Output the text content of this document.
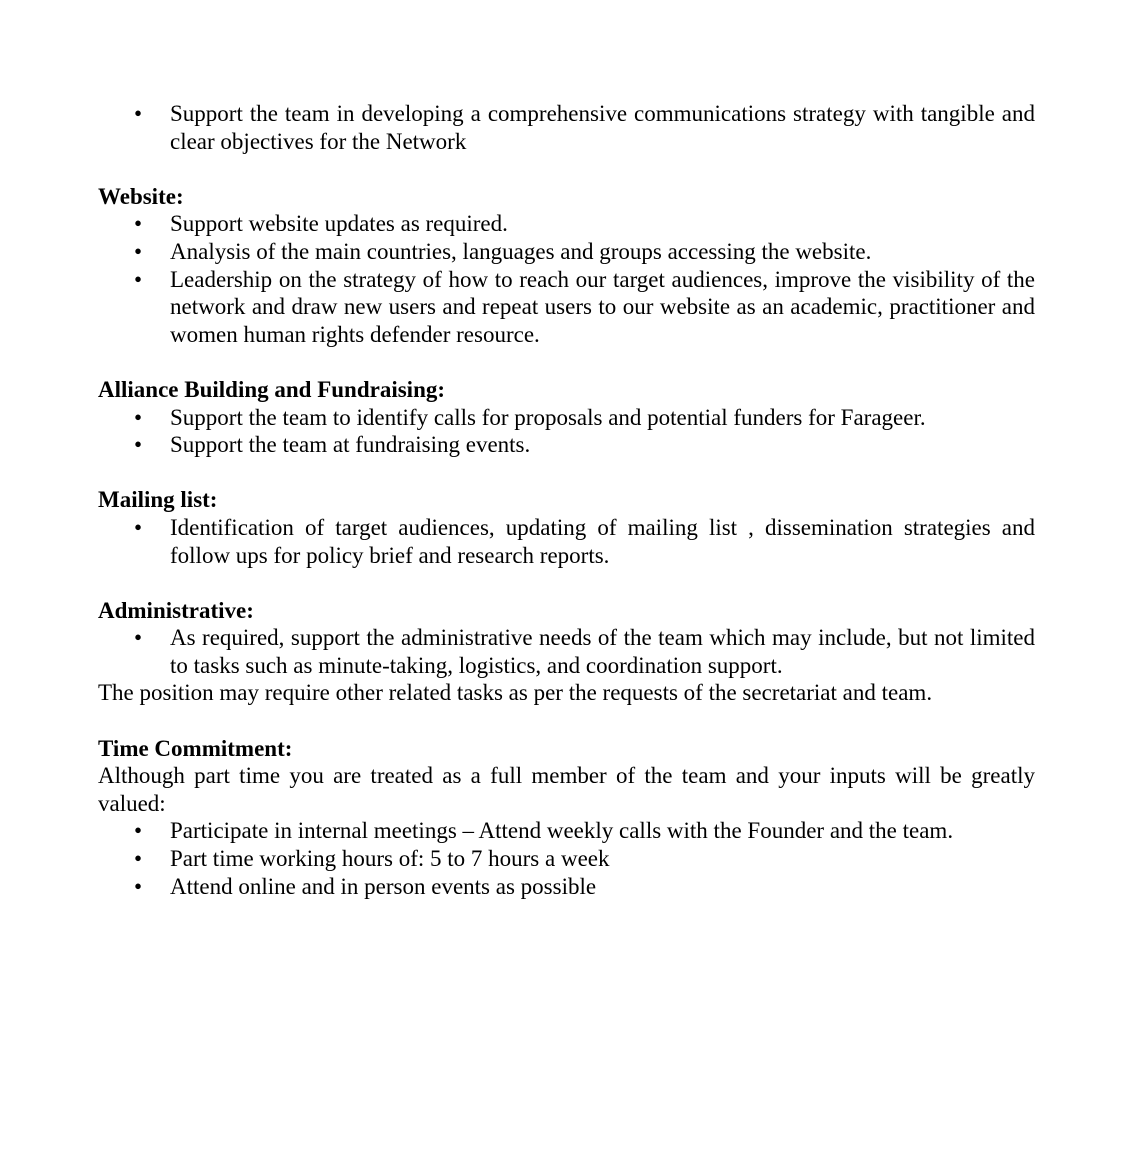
• Support the team in developing a comprehensive communications strategy with tangible and clear objectives for the Network

Website:

• Support website updates as required.
• Analysis of the main countries, languages and groups accessing the website.
• Leadership on the strategy of how to reach our target audiences, improve the visibility of the network and draw new users and repeat users to our website as an academic, practitioner and women human rights defender resource.

Alliance Building and Fundraising:

• Support the team to identify calls for proposals and potential funders for Farageer.
• Support the team at fundraising events.

Mailing list:

• Identification of target audiences, updating of mailing list , dissemination strategies and follow ups for policy brief and research reports.

Administrative:

• As required, support the administrative needs of the team which may include, but not limited to tasks such as minute-taking, logistics, and coordination support.

The position may require other related tasks as per the requests of the secretariat and team.

Time Commitment:

Although part time you are treated as a full member of the team and your inputs will be greatly valued:

• Participate in internal meetings – Attend weekly calls with the Founder and the team.
• Part time working hours of: 5 to 7 hours a week
• Attend online and in person events as possible
